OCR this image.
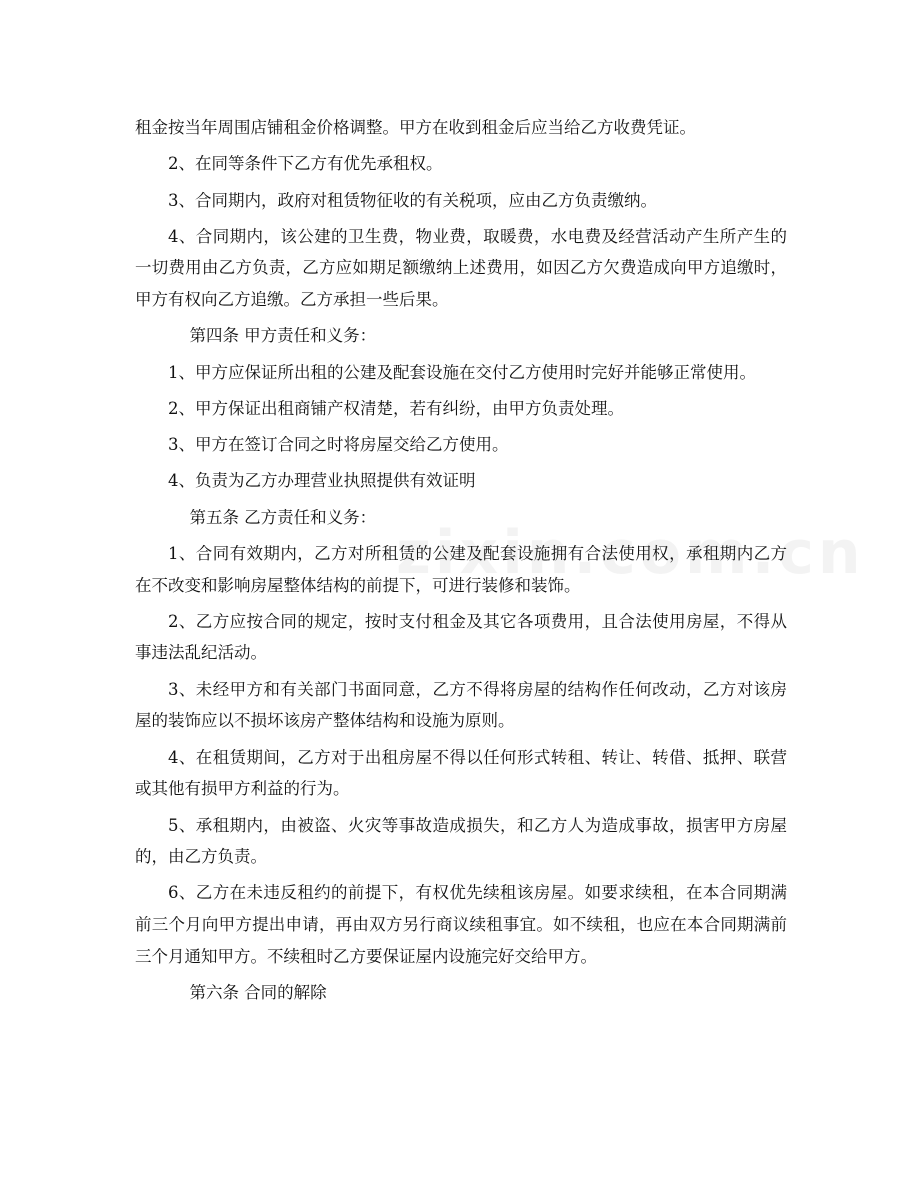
租金按当年周围店铺租金价格调整。甲方在收到租金后应当给乙方收费凭证。

2、在同等条件下乙方有优先承租权。

3、合同期内，政府对租赁物征收的有关税项，应由乙方负责缴纳。

4、合同期内，该公建的卫生费，物业费，取暖费，水电费及经营活动产生所产生的一切费用由乙方负责，乙方应如期足额缴纳上述费用，如因乙方欠费造成向甲方追缴时，甲方有权向乙方追缴。乙方承担一些后果。

第四条 甲方责任和义务：

1、甲方应保证所出租的公建及配套设施在交付乙方使用时完好并能够正常使用。

2、甲方保证出租商铺产权清楚，若有纠纷，由甲方负责处理。

3、甲方在签订合同之时将房屋交给乙方使用。

4、负责为乙方办理营业执照提供有效证明

第五条 乙方责任和义务：

1、合同有效期内，乙方对所租赁的公建及配套设施拥有合法使用权，承租期内乙方在不改变和影响房屋整体结构的前提下，可进行装修和装饰。

2、乙方应按合同的规定，按时支付租金及其它各项费用，且合法使用房屋，不得从事违法乱纪活动。

3、未经甲方和有关部门书面同意，乙方不得将房屋的结构作任何改动，乙方对该房屋的装饰应以不损坏该房产整体结构和设施为原则。

4、在租赁期间，乙方对于出租房屋不得以任何形式转租、转让、转借、抵押、联营或其他有损甲方利益的行为。

5、承租期内，由被盗、火灾等事故造成损失，和乙方人为造成事故，损害甲方房屋的，由乙方负责。

6、乙方在未违反租约的前提下，有权优先续租该房屋。如要求续租，在本合同期满前三个月向甲方提出申请，再由双方另行商议续租事宜。如不续租，也应在本合同期满前三个月通知甲方。不续租时乙方要保证屋内设施完好交给甲方。

第六条 合同的解除
